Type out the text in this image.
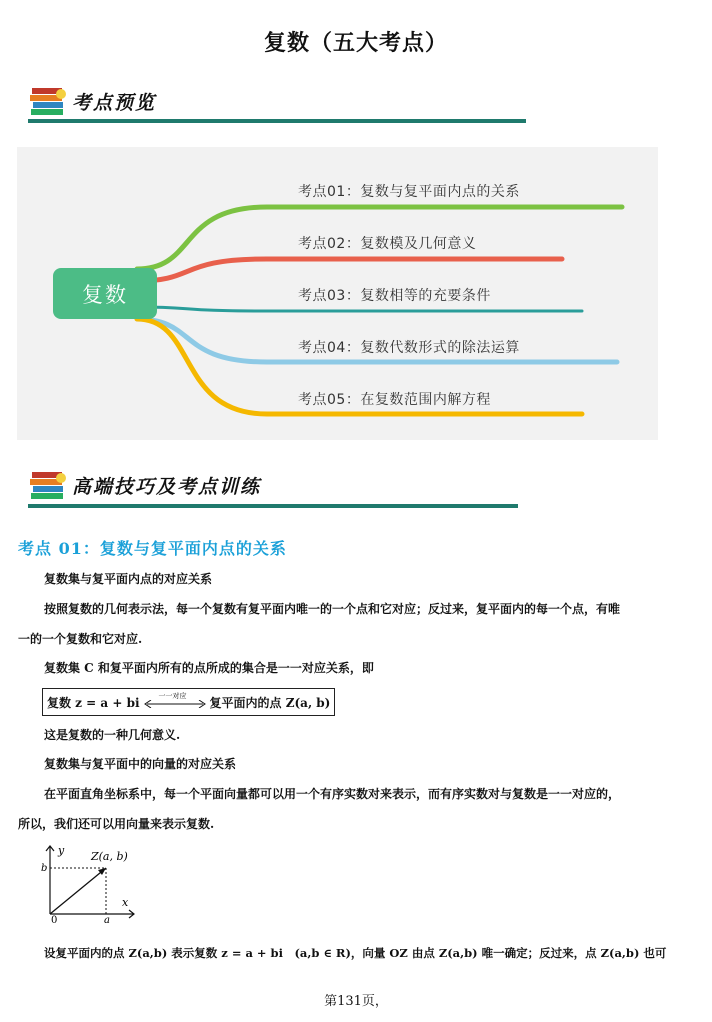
复数（五大考点）
考点预览
复数
考点01：复数与复平面内点的关系
考点02：复数模及几何意义
考点03：复数相等的充要条件
考点04：复数代数形式的除法运算
考点05：在复数范围内解方程
高端技巧及考点训练
考点 01：复数与复平面内点的关系
复数集与复平面内点的对应关系
按照复数的几何表示法，每一个复数有复平面内唯一的一个点和它对应；反过来，复平面内的每一个点，有唯
一的一个复数和它对应.
复数集 C 和复平面内所有的点所成的集合是一一对应关系，即
复数 z = a + bi	一一对应 复平面内的点 Z(a, b)
这是复数的一种几何意义.
复数集与复平面中的向量的对应关系
在平面直角坐标系中，每一个平面向量都可以用一个有序实数对来表示，而有序实数对与复数是一一对应的，
所以，我们还可以用向量来表示复数.
y
x
0	a
b
Z(a, b)
设复平面内的点 Z(a,b) 表示复数 z = a + bi　(a,b ∈ R)，向量 OZ 由点 Z(a,b) 唯一确定；反过来，点 Z(a,b) 也可
第131页，
